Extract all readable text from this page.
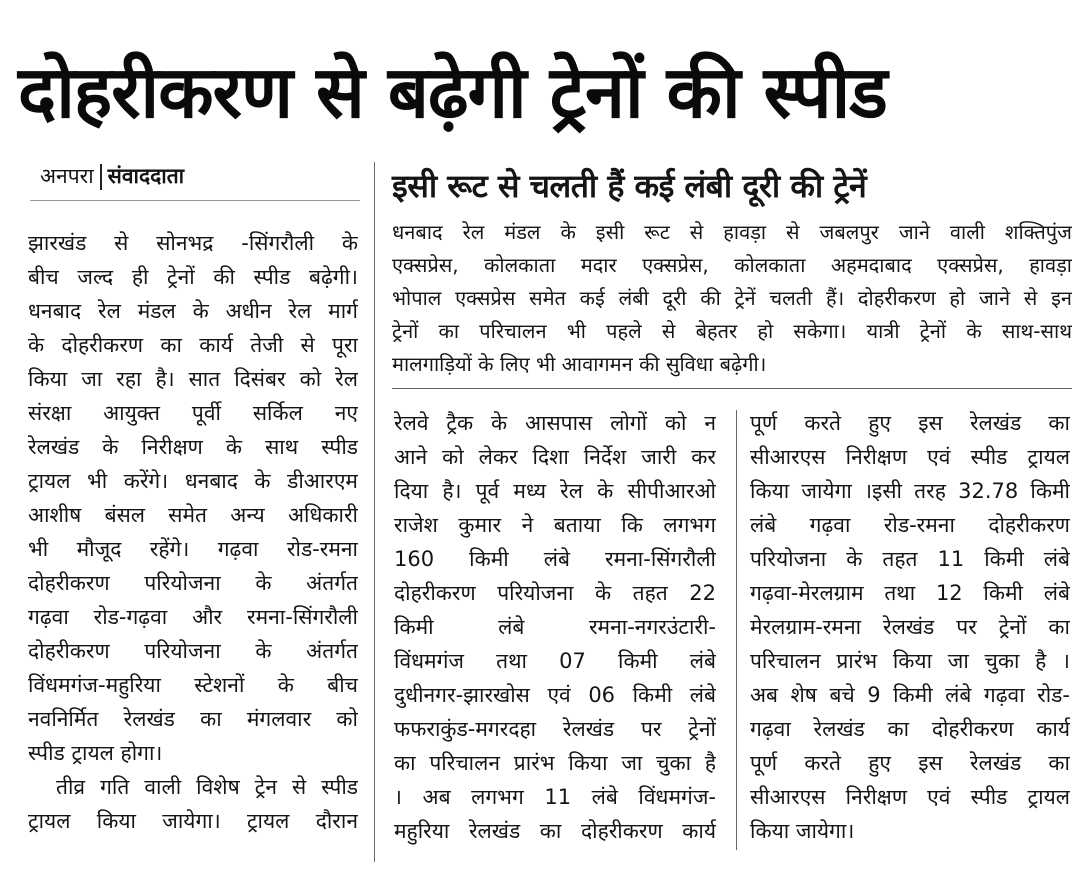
दोहरीकरण से बढ़ेगी ट्रेनों की स्पीड
अनपरा संवाददाता	इसी रूट से चलती हैं कई लंबी दूरी की ट्रेनें
धनबाद रेल मंडल के इसी रूट से हावड़ा से जबलपुर जाने वाली शक्तिपुंज
एक्सप्रेस, कोलकाता मदार एक्सप्रेस, कोलकाता अहमदाबाद एक्सप्रेस, हावड़ा
भोपाल एक्सप्रेस समेत कई लंबी दूरी की ट्रेनें चलती हैं। दोहरीकरण हो जाने से इन
ट्रेनों का परिचालन भी पहले से बेहतर हो सकेगा। यात्री ट्रेनों के साथ-साथ
मालगाड़ियों के लिए भी आवागमन की सुविधा बढ़ेगी।
झारखंड से सोनभद्र -सिंगरौली के
बीच जल्द ही ट्रेनों की स्पीड बढ़ेगी।
धनबाद रेल मंडल के अधीन रेल मार्ग
के दोहरीकरण का कार्य तेजी से पूरा
किया जा रहा है। सात दिसंबर को रेल
संरक्षा आयुक्त पूर्वी सर्किल नए
रेलखंड के निरीक्षण के साथ स्पीड
ट्रायल भी करेंगे। धनबाद के डीआरएम
आशीष बंसल समेत अन्य अधिकारी
भी मौजूद रहेंगे। गढ़वा रोड-रमना
दोहरीकरण परियोजना के अंतर्गत
गढ़वा रोड-गढ़वा और रमना-सिंगरौली
दोहरीकरण परियोजना के अंतर्गत
विंधमगंज-महुरिया स्टेशनों के बीच
नवनिर्मित रेलखंड का मंगलवार को
स्पीड ट्रायल होगा।
तीव्र गति वाली विशेष ट्रेन से स्पीड
ट्रायल किया जायेगा। ट्रायल दौरान
रेलवे ट्रैक के आसपास लोगों को न
आने को लेकर दिशा निर्देश जारी कर
दिया है। पूर्व मध्य रेल के सीपीआरओ
राजेश कुमार ने बताया कि लगभग
160 किमी लंबे रमना-सिंगरौली
दोहरीकरण परियोजना के तहत 22
किमी लंबे रमना-नगरउंटारी-
विंधमगंज तथा 07 किमी लंबे
दुधीनगर-झारखोस एवं 06 किमी लंबे
फफराकुंड-मगरदहा रेलखंड पर ट्रेनों
का परिचालन प्रारंभ किया जा चुका है
। अब लगभग 11 लंबे विंधमगंज-
महुरिया रेलखंड का दोहरीकरण कार्य
पूर्ण करते हुए इस रेलखंड का
सीआरएस निरीक्षण एवं स्पीड ट्रायल
किया जायेगा ।इसी तरह 32.78 किमी
लंबे गढ़वा रोड-रमना दोहरीकरण
परियोजना के तहत 11 किमी लंबे
गढ़वा-मेरलग्राम तथा 12 किमी लंबे
मेरलग्राम-रमना रेलखंड पर ट्रेनों का
परिचालन प्रारंभ किया जा चुका है ।
अब शेष बचे 9 किमी लंबे गढ़वा रोड-
गढ़वा रेलखंड का दोहरीकरण कार्य
पूर्ण करते हुए इस रेलखंड का
सीआरएस निरीक्षण एवं स्पीड ट्रायल
किया जायेगा।
